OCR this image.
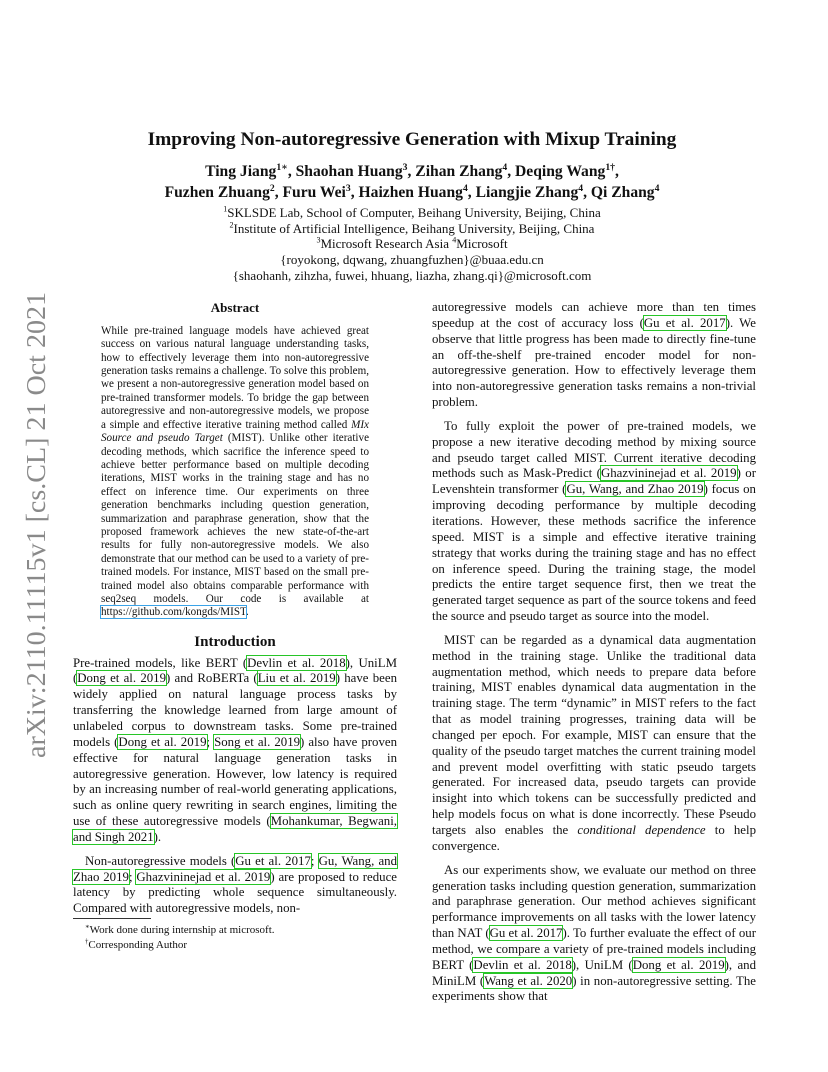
arXiv:2110.11115v1 [cs.CL] 21 Oct 2021
Improving Non-autoregressive Generation with Mixup Training
Ting Jiang$^{1∗}$, Shaohan Huang$^3$, Zihan Zhang$^4$, Deqing Wang$^{1\dagger}$,
Fuzhen Zhuang$^2$, Furu Wei$^3$, Haizhen Huang$^4$, Liangjie Zhang$^4$, Qi Zhang$^4$
$^1$SKLSDE Lab, School of Computer, Beihang University, Beijing, China
$^2$Institute of Artificial Intelligence, Beihang University, Beijing, China
$^3$Microsoft Research Asia $^4$Microsoft
{royokong, dqwang, zhuangfuzhen}@buaa.edu.cn
{shaohanh, zihzha, fuwei, hhuang, liazha, zhang.qi}@microsoft.com
Abstract
While pre-trained language models have achieved great success on various natural language understanding tasks, how to effectively leverage them into non-autoregressive generation tasks remains a challenge. To solve this problem, we present a non-autoregressive generation model based on pre-trained transformer models. To bridge the gap between autoregressive and non-autoregressive models, we propose a simple and effective iterative training method called MIx Source and pseudo Target (MIST). Unlike other iterative decoding methods, which sacrifice the inference speed to achieve better performance based on multiple decoding iterations, MIST works in the training stage and has no effect on inference time. Our experiments on three generation benchmarks including question generation, summarization and paraphrase generation, show that the proposed framework achieves the new state-of-the-art results for fully non-autoregressive models. We also demonstrate that our method can be used to a variety of pre-trained models. For instance, MIST based on the small pre-trained model also obtains comparable performance with seq2seq models. Our code is available at https://github.com/kongds/MIST.
Introduction

Pre-trained models, like BERT (Devlin et al. 2018), UniLM (Dong et al. 2019) and RoBERTa (Liu et al. 2019) have been widely applied on natural language process tasks by transferring the knowledge learned from large amount of unlabeled corpus to downstream tasks. Some pre-trained models (Dong et al. 2019; Song et al. 2019) also have proven effective for natural language generation tasks in autoregressive generation. However, low latency is required by an increasing number of real-world generating applications, such as online query rewriting in search engines, limiting the use of these autoregressive models (Mohankumar, Begwani, and Singh 2021).

Non-autoregressive models (Gu et al. 2017; Gu, Wang, and Zhao 2019; Ghazvininejad et al. 2019) are proposed to reduce latency by predicting whole sequence simultaneously. Compared with autoregressive models, non-

∗Work done during internship at microsoft.
†Corresponding Author

autoregressive models can achieve more than ten times speedup at the cost of accuracy loss (Gu et al. 2017). We observe that little progress has been made to directly fine-tune an off-the-shelf pre-trained encoder model for non-autoregressive generation. How to effectively leverage them into non-autoregressive generation tasks remains a non-trivial problem.

To fully exploit the power of pre-trained models, we propose a new iterative decoding method by mixing source and pseudo target called MIST. Current iterative decoding methods such as Mask-Predict (Ghazvininejad et al. 2019) or Levenshtein transformer (Gu, Wang, and Zhao 2019) focus on improving decoding performance by multiple decoding iterations. However, these methods sacrifice the inference speed. MIST is a simple and effective iterative training strategy that works during the training stage and has no effect on inference speed. During the training stage, the model predicts the entire target sequence first, then we treat the generated target sequence as part of the source tokens and feed the source and pseudo target as source into the model.

MIST can be regarded as a dynamical data augmentation method in the training stage. Unlike the traditional data augmentation method, which needs to prepare data before training, MIST enables dynamical data augmentation in the training stage. The term “dynamic” in MIST refers to the fact that as model training progresses, training data will be changed per epoch. For example, MIST can ensure that the quality of the pseudo target matches the current training model and prevent model overfitting with static pseudo targets generated. For increased data, pseudo targets can provide insight into which tokens can be successfully predicted and help models focus on what is done incorrectly. These Pseudo targets also enables the conditional dependence to help convergence.

As our experiments show, we evaluate our method on three generation tasks including question generation, summarization and paraphrase generation. Our method achieves significant performance improvements on all tasks with the lower latency than NAT (Gu et al. 2017). To further evaluate the effect of our method, we compare a variety of pre-trained models including BERT (Devlin et al. 2018), UniLM (Dong et al. 2019), and MiniLM (Wang et al. 2020) in non-autoregressive setting. The experiments show that
